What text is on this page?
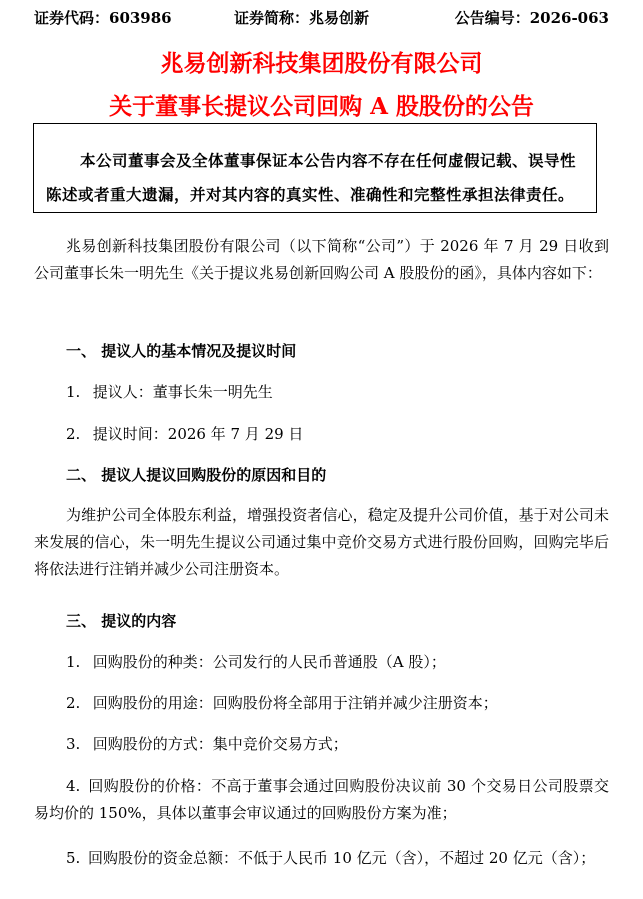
证券代码：603986	证券简称：兆易创新	公告编号：2026-063
兆易创新科技集团股份有限公司
关于董事长提议公司回购 A 股股份的公告
本公司董事会及全体董事保证本公告内容不存在任何虚假记载、误导性陈述或者重大遗漏，并对其内容的真实性、准确性和完整性承担法律责任。
兆易创新科技集团股份有限公司（以下简称“公司”）于 2026 年 7 月 29 日收到公司董事长朱一明先生《关于提议兆易创新回购公司 A 股股份的函》，具体内容如下：
一、 提议人的基本情况及提议时间
1. 提议人：董事长朱一明先生
2. 提议时间：2026 年 7 月 29 日
二、 提议人提议回购股份的原因和目的
为维护公司全体股东利益，增强投资者信心，稳定及提升公司价值，基于对公司未来发展的信心，朱一明先生提议公司通过集中竞价交易方式进行股份回购，回购完毕后将依法进行注销并减少公司注册资本。
三、 提议的内容
1. 回购股份的种类：公司发行的人民币普通股（A 股）；
2. 回购股份的用途：回购股份将全部用于注销并减少注册资本；
3. 回购股份的方式：集中竞价交易方式；
4. 回购股份的价格：不高于董事会通过回购股份决议前 30 个交易日公司股票交易均价的 150%，具体以董事会审议通过的回购股份方案为准；
5. 回购股份的资金总额：不低于人民币 10 亿元（含），不超过 20 亿元（含）；
